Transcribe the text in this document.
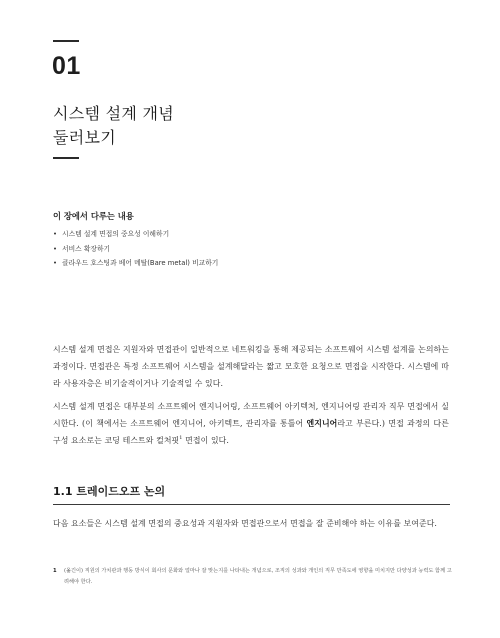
01
시스템 설계 개념
둘러보기
이 장에서 다루는 내용
• 시스템 설계 면접의 중요성 이해하기
• 서비스 확장하기
• 클라우드 호스팅과 베어 메탈(Bare metal) 비교하기
시스템 설계 면접은 지원자와 면접관이 일반적으로 네트워킹을 통해 제공되는 소프트웨어 시스템 설계를 논의하는 과정이다. 면접관은 특정 소프트웨어 시스템을 설계해달라는 짧고 모호한 요청으로 면접을 시작한다. 시스템에 따라 사용자층은 비기술적이거나 기술적일 수 있다.
시스템 설계 면접은 대부분의 소프트웨어 엔지니어링, 소프트웨어 아키텍처, 엔지니어링 관리자 직무 면접에서 실시한다. (이 책에서는 소프트웨어 엔지니어, 아키텍트, 관리자를 통틀어 엔지니어라고 부른다.) 면접 과정의 다른 구성 요소로는 코딩 테스트와 컬처핏$^1$ 면접이 있다.
1.1 트레이드오프 논의
다음 요소들은 시스템 설계 면접의 중요성과 지원자와 면접관으로서 면접을 잘 준비해야 하는 이유를 보여준다.
1 (옮긴이) 직원의 가치관과 행동 방식이 회사의 문화와 얼마나 잘 맞는지를 나타내는 개념으로, 조직의 성과와 개인의 직무 만족도에 영향을 미치지만 다양성과 능력도 함께 고려해야 한다.
